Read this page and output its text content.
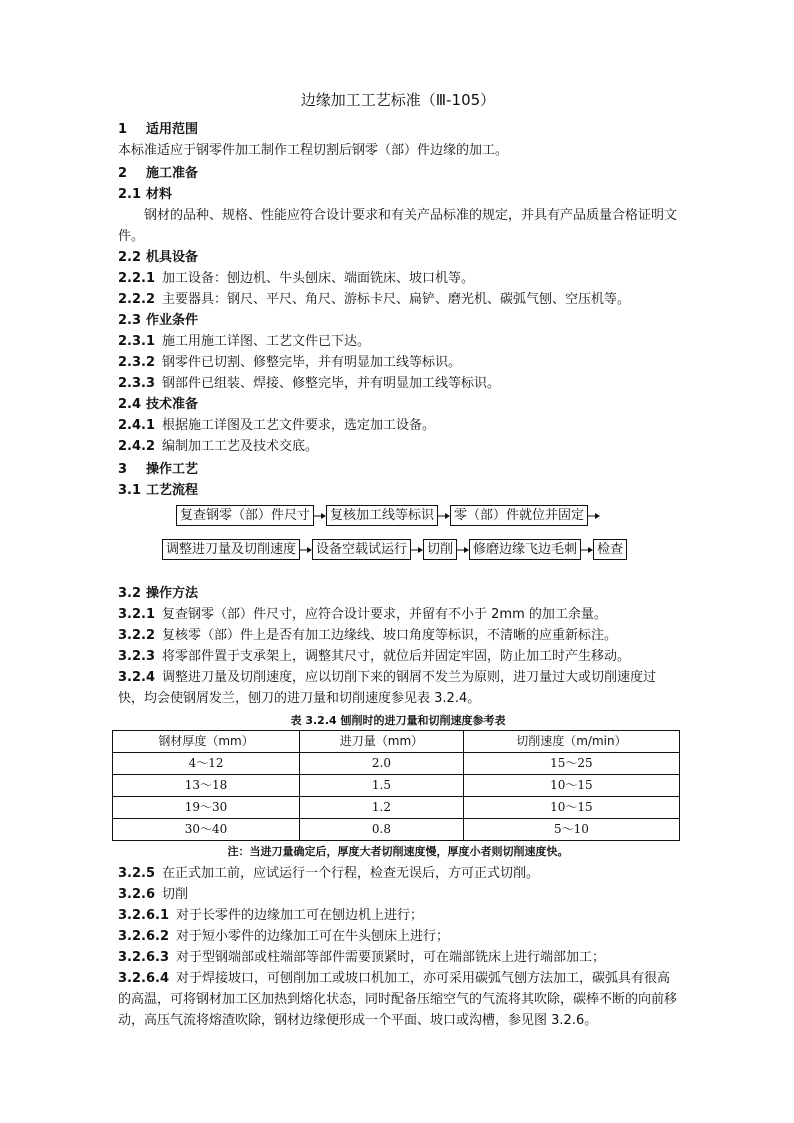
边缘加工工艺标准（Ⅲ-105）
1 适用范围
本标准适应于钢零件加工制作工程切割后钢零（部）件边缘的加工。
2 施工准备
2.1 材料
钢材的品种、规格、性能应符合设计要求和有关产品标准的规定，并具有产品质量合格证明文件。
2.2 机具设备
2.2.1 加工设备：刨边机、牛头刨床、端面铣床、坡口机等。
2.2.2 主要器具：钢尺、平尺、角尺、游标卡尺、扁铲、磨光机、碳弧气刨、空压机等。
2.3 作业条件
2.3.1 施工用施工详图、工艺文件已下达。
2.3.2 钢零件已切割、修整完毕，并有明显加工线等标识。
2.3.3 钢部件已组装、焊接、修整完毕，并有明显加工线等标识。
2.4 技术准备
2.4.1 根据施工详图及工艺文件要求，选定加工设备。
2.4.2 编制加工工艺及技术交底。
3 操作工艺
3.1 工艺流程
复查钢零（部）件尺寸	复核加工线等标识	零（部）件就位并固定
调整进刀量及切削速度	设备空载试运行	切削	修磨边缘飞边毛刺	检查
3.2 操作方法
3.2.1 复查钢零（部）件尺寸，应符合设计要求，并留有不小于 2mm 的加工余量。
3.2.2 复核零（部）件上是否有加工边缘线、坡口角度等标识，不清晰的应重新标注。
3.2.3 将零部件置于支承架上，调整其尺寸，就位后并固定牢固，防止加工时产生移动。
3.2.4 调整进刀量及切削速度，应以切削下来的钢屑不发兰为原则，进刀量过大或切削速度过快，均会使钢屑发兰，刨刀的进刀量和切削速度参见表 3.2.4。
表 3.2.4 刨削时的进刀量和切削速度参考表
钢材厚度（mm）	进刀量（mm）	切削速度（m/min）
4～12	2.0	15～25
13～18	1.5	10～15
19～30	1.2	10～15
30～40	0.8	5～10
注：当进刀量确定后，厚度大者切削速度慢，厚度小者则切削速度快。
3.2.5 在正式加工前，应试运行一个行程，检查无误后，方可正式切削。
3.2.6 切削
3.2.6.1 对于长零件的边缘加工可在刨边机上进行；
3.2.6.2 对于短小零件的边缘加工可在牛头刨床上进行；
3.2.6.3 对于型钢端部或柱端部等部件需要顶紧时，可在端部铣床上进行端部加工；
3.2.6.4 对于焊接坡口，可刨削加工或坡口机加工，亦可采用碳弧气刨方法加工，碳弧具有很高的高温，可将钢材加工区加热到熔化状态，同时配备压缩空气的气流将其吹除，碳棒不断的向前移动，高压气流将熔渣吹除，钢材边缘便形成一个平面、坡口或沟槽，参见图 3.2.6。
